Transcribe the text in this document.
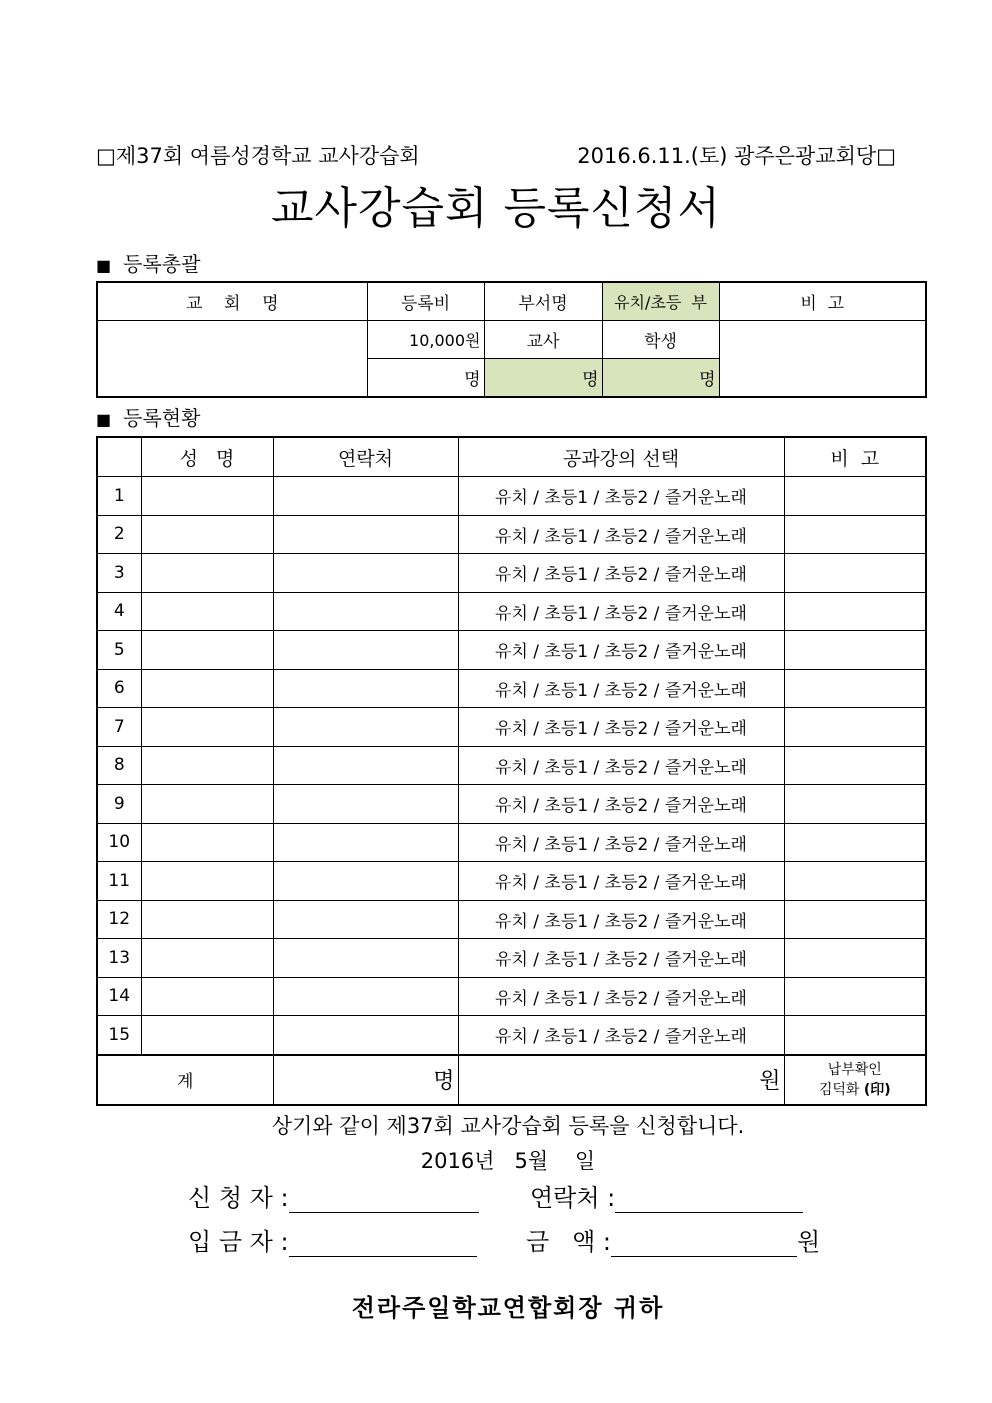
□제37회 여름성경학교 교사강습회	2016.6.11.(토) 광주은광교회당□
교사강습회 등록신청서
■ 등록총괄
교    회    명	등록비	부서명	유치/초등  부	비  고
	10,000원	교사	학생	
	명	명	명	
■ 등록현황
	성   명	연락처	공과강의 선택	비  고
1			유치 / 초등1 / 초등2 / 즐거운노래	
2			유치 / 초등1 / 초등2 / 즐거운노래	
3			유치 / 초등1 / 초등2 / 즐거운노래	
4			유치 / 초등1 / 초등2 / 즐거운노래	
5			유치 / 초등1 / 초등2 / 즐거운노래	
6			유치 / 초등1 / 초등2 / 즐거운노래	
7			유치 / 초등1 / 초등2 / 즐거운노래	
8			유치 / 초등1 / 초등2 / 즐거운노래	
9			유치 / 초등1 / 초등2 / 즐거운노래	
10			유치 / 초등1 / 초등2 / 즐거운노래	
11			유치 / 초등1 / 초등2 / 즐거운노래	
12			유치 / 초등1 / 초등2 / 즐거운노래	
13			유치 / 초등1 / 초등2 / 즐거운노래	
14			유치 / 초등1 / 초등2 / 즐거운노래	
15			유치 / 초등1 / 초등2 / 즐거운노래	
계		명	원	납부확인
김덕화 (印)
상기와 같이 제37회 교사강습회 등록을 신청합니다.
2016년   5월    일
신 청 자 :	연락처 :
입 금 자 :	금   액 :	원
전라주일학교연합회장 귀하
